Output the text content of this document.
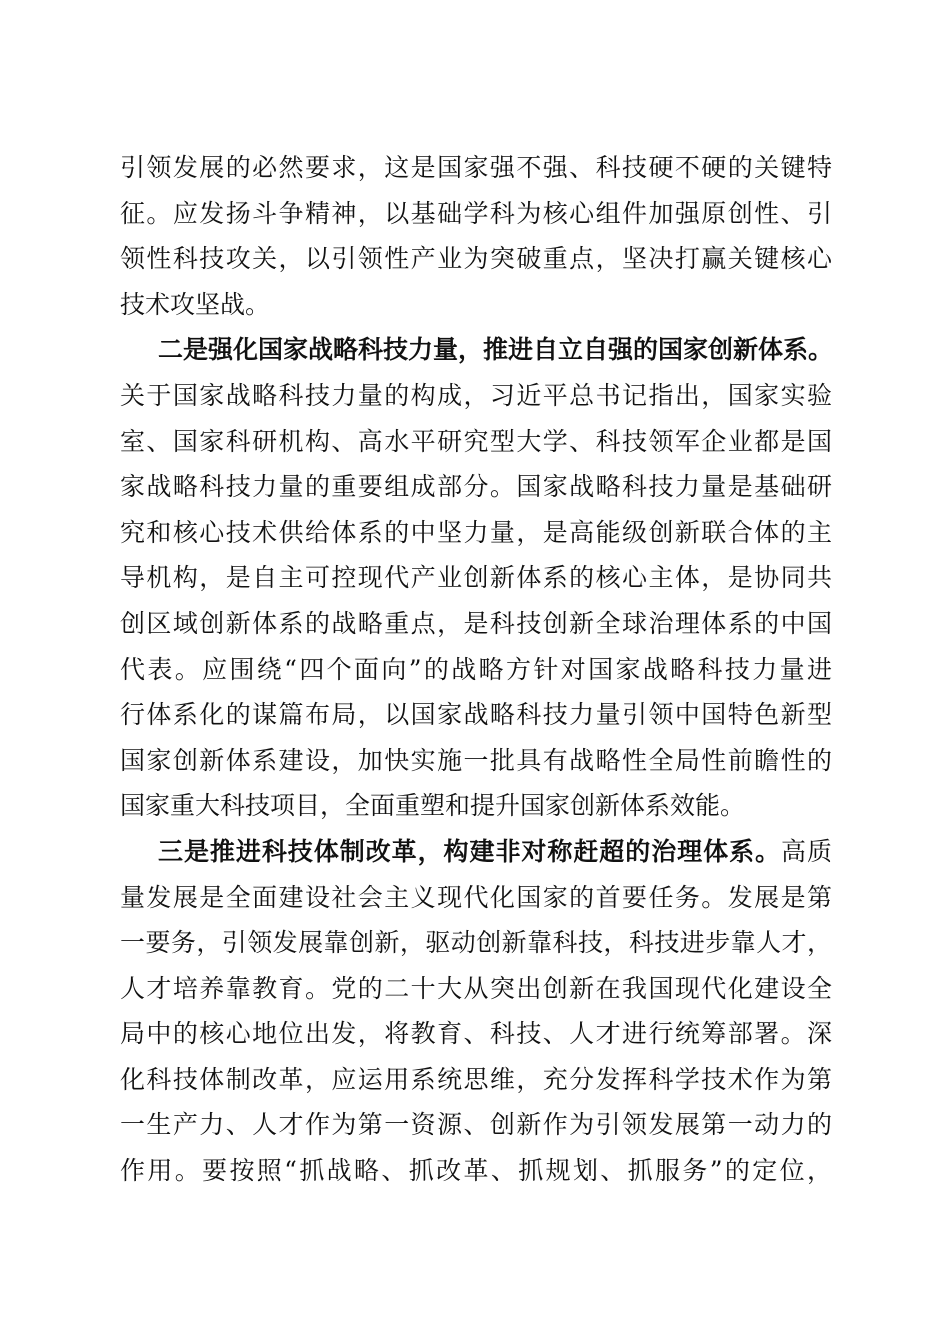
引领发展的必然要求，这是国家强不强、科技硬不硬的关键特
征。应发扬斗争精神，以基础学科为核心组件加强原创性、引
领性科技攻关，以引领性产业为突破重点，坚决打赢关键核心
技术攻坚战。
二是强化国家战略科技力量，推进自立自强的国家创新体系。
关于国家战略科技力量的构成，习近平总书记指出，国家实验
室、国家科研机构、高水平研究型大学、科技领军企业都是国
家战略科技力量的重要组成部分。国家战略科技力量是基础研
究和核心技术供给体系的中坚力量，是高能级创新联合体的主
导机构，是自主可控现代产业创新体系的核心主体，是协同共
创区域创新体系的战略重点，是科技创新全球治理体系的中国
代表。应围绕“四个面向”的战略方针对国家战略科技力量进
行体系化的谋篇布局，以国家战略科技力量引领中国特色新型
国家创新体系建设，加快实施一批具有战略性全局性前瞻性的
国家重大科技项目，全面重塑和提升国家创新体系效能。
三是推进科技体制改革，构建非对称赶超的治理体系。高质
量发展是全面建设社会主义现代化国家的首要任务。发展是第
一要务，引领发展靠创新，驱动创新靠科技，科技进步靠人才，
人才培养靠教育。党的二十大从突出创新在我国现代化建设全
局中的核心地位出发，将教育、科技、人才进行统筹部署。深
化科技体制改革，应运用系统思维，充分发挥科学技术作为第
一生产力、人才作为第一资源、创新作为引领发展第一动力的
作用。要按照“抓战略、抓改革、抓规划、抓服务”的定位，
